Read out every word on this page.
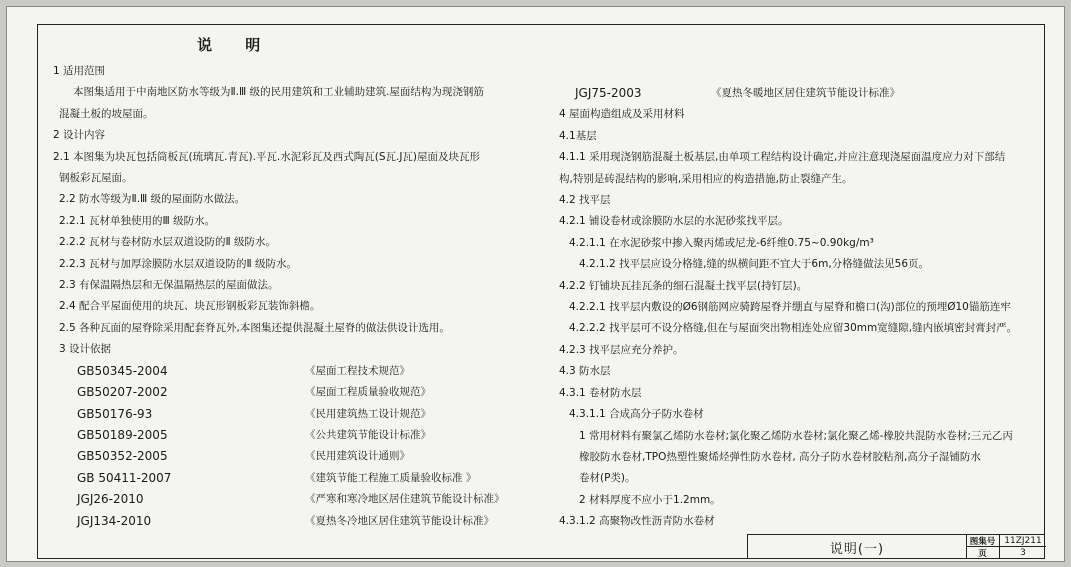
说 明
1 适用范围
本图集适用于中南地区防水等级为Ⅱ.Ⅲ 级的民用建筑和工业辅助建筑.屋面结构为现浇钢筋
混凝土板的坡屋面。
2 设计内容
2.1 本图集为块瓦包括筒板瓦(琉璃瓦.青瓦).平瓦.水泥彩瓦及西式陶瓦(S瓦.J瓦)屋面及块瓦形
钢板彩瓦屋面。
2.2 防水等级为Ⅱ.Ⅲ 级的屋面防水做法。
2.2.1 瓦材单独使用的Ⅲ 级防水。
2.2.2 瓦材与卷材防水层双道设防的Ⅱ 级防水。
2.2.3 瓦材与加厚涂膜防水层双道设防的Ⅱ 级防水。
2.3 有保温隔热层和无保温隔热层的屋面做法。
2.4 配合平屋面使用的块瓦、块瓦形钢板彩瓦装饰斜檐。
2.5 各种瓦面的屋脊除采用配套脊瓦外,本图集还提供混凝土屋脊的做法供设计选用。
3 设计依据
GB50345-2004	《屋面工程技术规范》
GB50207-2002	《屋面工程质量验收规范》
GB50176-93	《民用建筑热工设计规范》
GB50189-2005	《公共建筑节能设计标准》
GB50352-2005	《民用建筑设计通则》
GB 50411-2007	《建筑节能工程施工质量验收标准 》
JGJ26-2010	《严寒和寒冷地区居住建筑节能设计标准》
JGJ134-2010	《夏热冬冷地区居住建筑节能设计标准》
JGJ75-2003	《夏热冬暖地区居住建筑节能设计标准》
4 屋面构造组成及采用材料
4.1基层
4.1.1 采用现浇钢筋混凝土板基层,由单项工程结构设计确定,并应注意现浇屋面温度应力对下部结
构,特别是砖混结构的影响,采用相应的构造措施,防止裂缝产生。
4.2 找平层
4.2.1 铺设卷材或涂膜防水层的水泥砂浆找平层。
4.2.1.1 在水泥砂浆中掺入聚丙烯或尼龙-6纤维0.75~0.90kg/m³
4.2.1.2 找平层应设分格缝,缝的纵横间距不宜大于6m,分格缝做法见56页。
4.2.2 钉铺块瓦挂瓦条的细石混凝土找平层(持钉层)。
4.2.2.1 找平层内敷设的Ø6钢筋网应骑跨屋脊并绷直与屋脊和檐口(沟)部位的预埋Ø10锚筋连牢
4.2.2.2 找平层可不设分格缝,但在与屋面突出物相连处应留30mm宽缝隙,缝内嵌填密封膏封严。
4.2.3 找平层应充分养护。
4.3 防水层
4.3.1 卷材防水层
4.3.1.1 合成高分子防水卷材
1 常用材料有聚氯乙烯防水卷材;氯化聚乙烯防水卷材;氯化聚乙烯-橡胶共混防水卷材;三元乙丙
橡胶防水卷材,TPO热塑性聚烯烃弹性防水卷材, 高分子防水卷材胶粘剂,高分子湿铺防水
卷材(P类)。
2 材料厚度不应小于1.2mm。
4.3.1.2 高聚物改性沥青防水卷材
说明(一)	图集号	11ZJ211
页	3
